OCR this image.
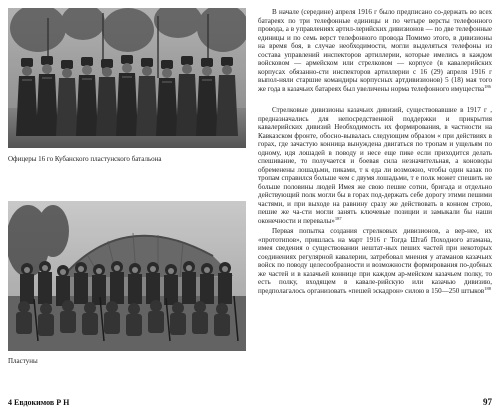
Офицеры 16 го Кубанского пластунского батальона
Пластуны

В начале (середине) апреля 1916 г было предписано со-держать во всех батареях по три телефонные единицы и по четыре версты телефонного провода, а в управлениях артил-лерийских дивизионов — по две телефонные единицы и по семь верст телефонного провода Помимо этого, в дивизионы на время боя, в случае необходимости, могли выделяться телефоны из состава управлений инспекторов артиллерии, которые имелись в каждом войсковом — армейском или стрелковом — корпусе (в кавалерийских корпусах обязанно-сти инспекторов артиллерии с 16 (29) апреля 1916 г выпол-няли старшие командиры корпусных артдивизионов) 5 (18) мая того же года в казачьих батареях был увеличены норма телефонного имущества$^{186}$

Стрелковые дивизионы казачьих дивизий, существовавшие в 1917 г , предназначались для непосредственной поддержки и прикрытия кавалерийских дивизий Необходимость их формирования, в частности на Кавказском фронте, обосно-вывалась следующим образом « при действиях в горах, где зачастую конница вынуждена двигаться по тропам и ущельям по одному, идя лошадей в поводу и несе еще пике если приходится делать спешивание, то получается и боевая сила незначительная, а коноводы обременены лошадьми, пиками, т к еда ли возможно, чтобы один казак по тропам справился больше чем с двумя лошадьми, т е полк может спешить не больше половины людей Имея же свою пешие сотни, бригада и отдельно действующий полк могли бы в горах под-держать себе дорогу этими пешими частями, и при выходе на равнину сразу же действовать в конном строю, пешие же ча-сти могли занять ключевые позиции и замыкали бы наши оконечности и перевалы»$^{187}$

Первая попытка создания стрелковых дивизионов, а вер-нее, их «прототипов», пришлась на март 1916 г Тогда Штаб Походного атамана, имея сведения о существовании нештат-ных пеших частей при некоторых соединениях регулярной кавалерии, затребовал мнения у атаманов казачьих войск по поводу целесообразности и возможности формирования по-добных же частей и в казачьей коннице при каждом ар-мейском казачьем полку, то есть полку, входящем в кавале-рийскую или казачью дивизию, предполагалось организовать «пешей эскадрон» силою в 150—250 штыков$^{188}$

4 Евдокимов Р Н	97
